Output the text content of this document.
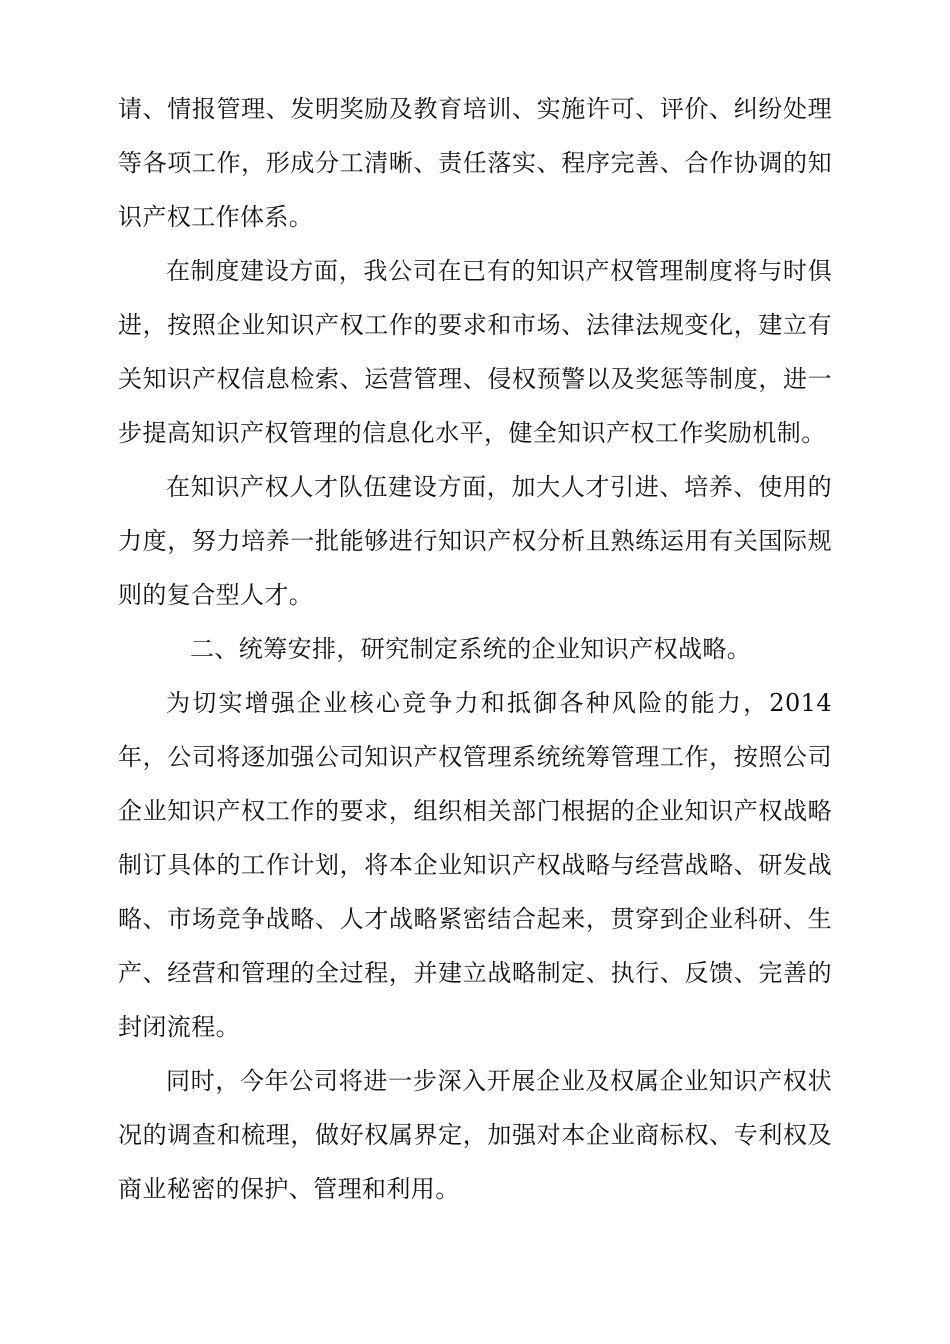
请、情报管理、发明奖励及教育培训、实施许可、评价、纠纷处理等各项工作，形成分工清晰、责任落实、程序完善、合作协调的知识产权工作体系。

在制度建设方面，我公司在已有的知识产权管理制度将与时俱进，按照企业知识产权工作的要求和市场、法律法规变化，建立有关知识产权信息检索、运营管理、侵权预警以及奖惩等制度，进一步提高知识产权管理的信息化水平，健全知识产权工作奖励机制。

在知识产权人才队伍建设方面，加大人才引进、培养、使用的力度，努力培养一批能够进行知识产权分析且熟练运用有关国际规则的复合型人才。

二、统筹安排，研究制定系统的企业知识产权战略。

为切实增强企业核心竞争力和抵御各种风险的能力，2014年，公司将逐加强公司知识产权管理系统统筹管理工作，按照公司企业知识产权工作的要求，组织相关部门根据的企业知识产权战略制订具体的工作计划，将本企业知识产权战略与经营战略、研发战略、市场竞争战略、人才战略紧密结合起来，贯穿到企业科研、生产、经营和管理的全过程，并建立战略制定、执行、反馈、完善的封闭流程。

同时，今年公司将进一步深入开展企业及权属企业知识产权状况的调查和梳理，做好权属界定，加强对本企业商标权、专利权及商业秘密的保护、管理和利用。
